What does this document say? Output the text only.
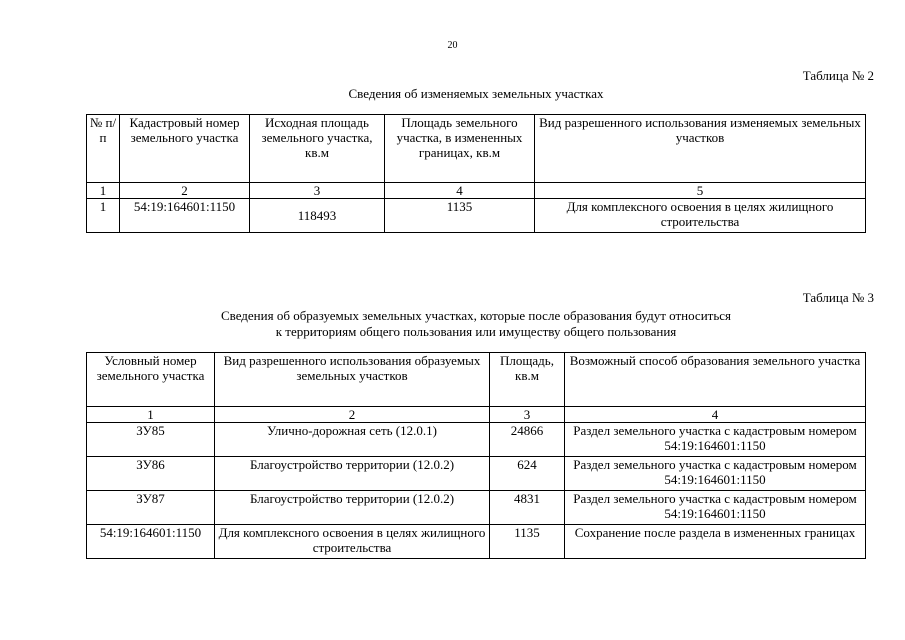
20
Таблица № 2
Сведения об изменяемых земельных участках
№ п/п	Кадастровый номер земельного участка	Исходная площадь земельного участка, кв.м	Площадь земельного участка, в измененных границах, кв.м	Вид разрешенного использования изменяемых земельных участков
1	2	3	4	5
1	54:19:164601:1150	118493	1135	Для комплексного освоения в целях жилищного строительства
Таблица № 3
Сведения об образуемых земельных участках, которые после образования будут относиться
к территориям общего пользования или имуществу общего пользования
Условный номер земельного участка	Вид разрешенного использования образуемых земельных участков	Площадь, кв.м	Возможный способ образования земельного участка
1	2	3	4
ЗУ85	Улично-дорожная сеть (12.0.1)	24866	Раздел земельного участка с кадастровым номером 54:19:164601:1150
ЗУ86	Благоустройство территории (12.0.2)	624	Раздел земельного участка с кадастровым номером 54:19:164601:1150
ЗУ87	Благоустройство территории (12.0.2)	4831	Раздел земельного участка с кадастровым номером 54:19:164601:1150
54:19:164601:1150	Для комплексного освоения в целях жилищного строительства	1135	Сохранение после раздела в измененных границах
